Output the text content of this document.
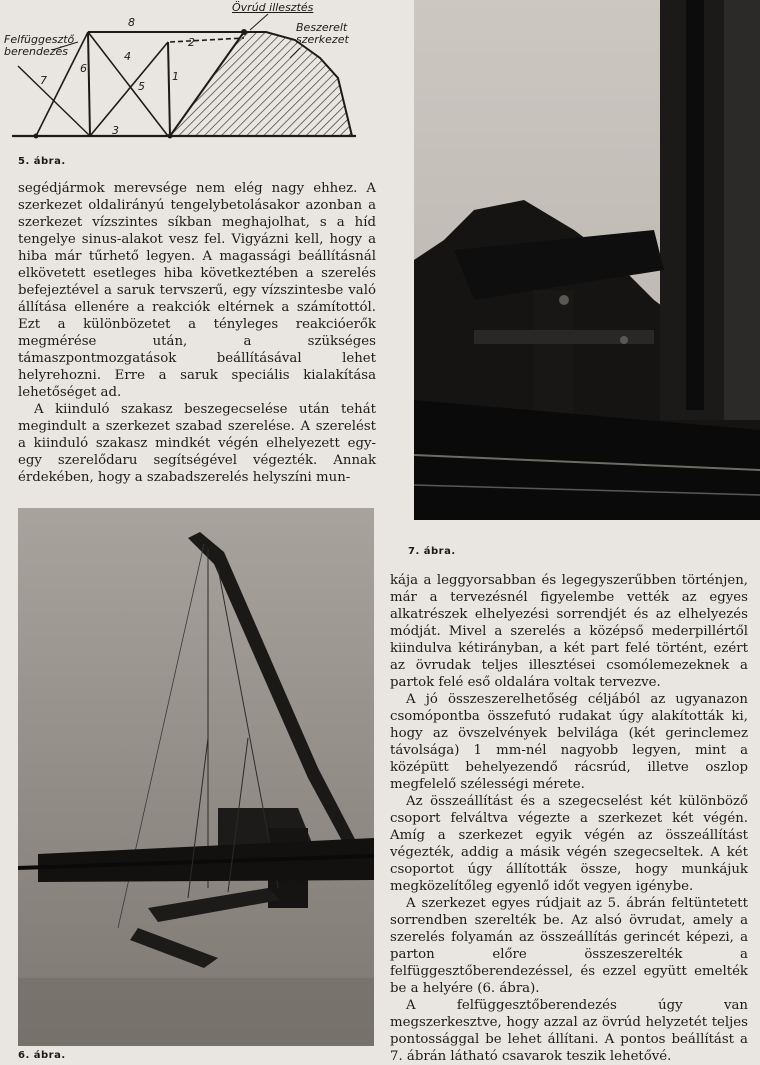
Felfüggesztő
berendezés
Övrúd illesztés
Beszerelt
szerkezet
1
2
3
4
5
6
7
8
5. ábra.

segédjármok merevsége nem elég nagy ehhez. A szerkezet oldalirányú tengelybetolásakor azonban a szerkezet vízszintes síkban meghajolhat, s a híd tengelye sinus-alakot vesz fel. Vigyázni kell, hogy a hiba már tűrhető legyen. A magassági beállításnál elkövetett esetleges hiba következtében a szerelés befejeztével a saruk tervszerű, egy vízszintesbe való állítása ellenére a reakciók eltérnek a számítottól. Ezt a különbözetet a tényleges reakcióerők megmérése után, a szükséges támaszpontmozgatások beállításával lehet helyrehozni. Erre a saruk speciális kialakítása lehetőséget ad.

A kiinduló szakasz beszegecselése után tehát megindult a szerkezet szabad szerelése. A szerelést a kiinduló szakasz mindkét végén elhelyezett egy-egy szerelődaru segítségével végezték. Annak érdekében, hogy a szabadszerelés helyszíni mun-

7. ábra.
6. ábra.

kája a leggyorsabban és legegyszerűbben történjen, már a tervezésnél figyelembe vették az egyes alkatrészek elhelyezési sorrendjét és az elhelyezés módját. Mivel a szerelés a középső mederpillértől kiindulva kétirányban, a két part felé történt, ezért az övrudak teljes illesztései csomólemezeknek a partok felé eső oldalára voltak tervezve.

A jó összeszerelhetőség céljából az ugyanazon csomópontba összefutó rudakat úgy alakították ki, hogy az övszelvények belvilága (két gerinclemez távolsága) 1 mm-nél nagyobb legyen, mint a középütt behelyezendő rácsrúd, illetve oszlop megfelelő szélességi mérete.

Az összeállítást és a szegecselést két különböző csoport felváltva végezte a szerkezet két végén. Amíg a szerkezet egyik végén az összeállítást végezték, addig a másik végén szegecseltek. A két csoportot úgy állították össze, hogy munkájuk megközelítőleg egyenlő időt vegyen igénybe.

A szerkezet egyes rúdjait az 5. ábrán feltüntetett sorrendben szerelték be. Az alsó övrudat, amely a szerelés folyamán az összeállítás gerincét képezi, a parton előre összeszerelték a felfüggesztőberendezéssel, és ezzel együtt emelték be a helyére (6. ábra).

A felfüggesztőberendezés úgy van megszerkesztve, hogy azzal az övrúd helyzetét teljes pontossággal be lehet állítani. A pontos beállítást a 7. ábrán látható csavarok teszik lehetővé.
